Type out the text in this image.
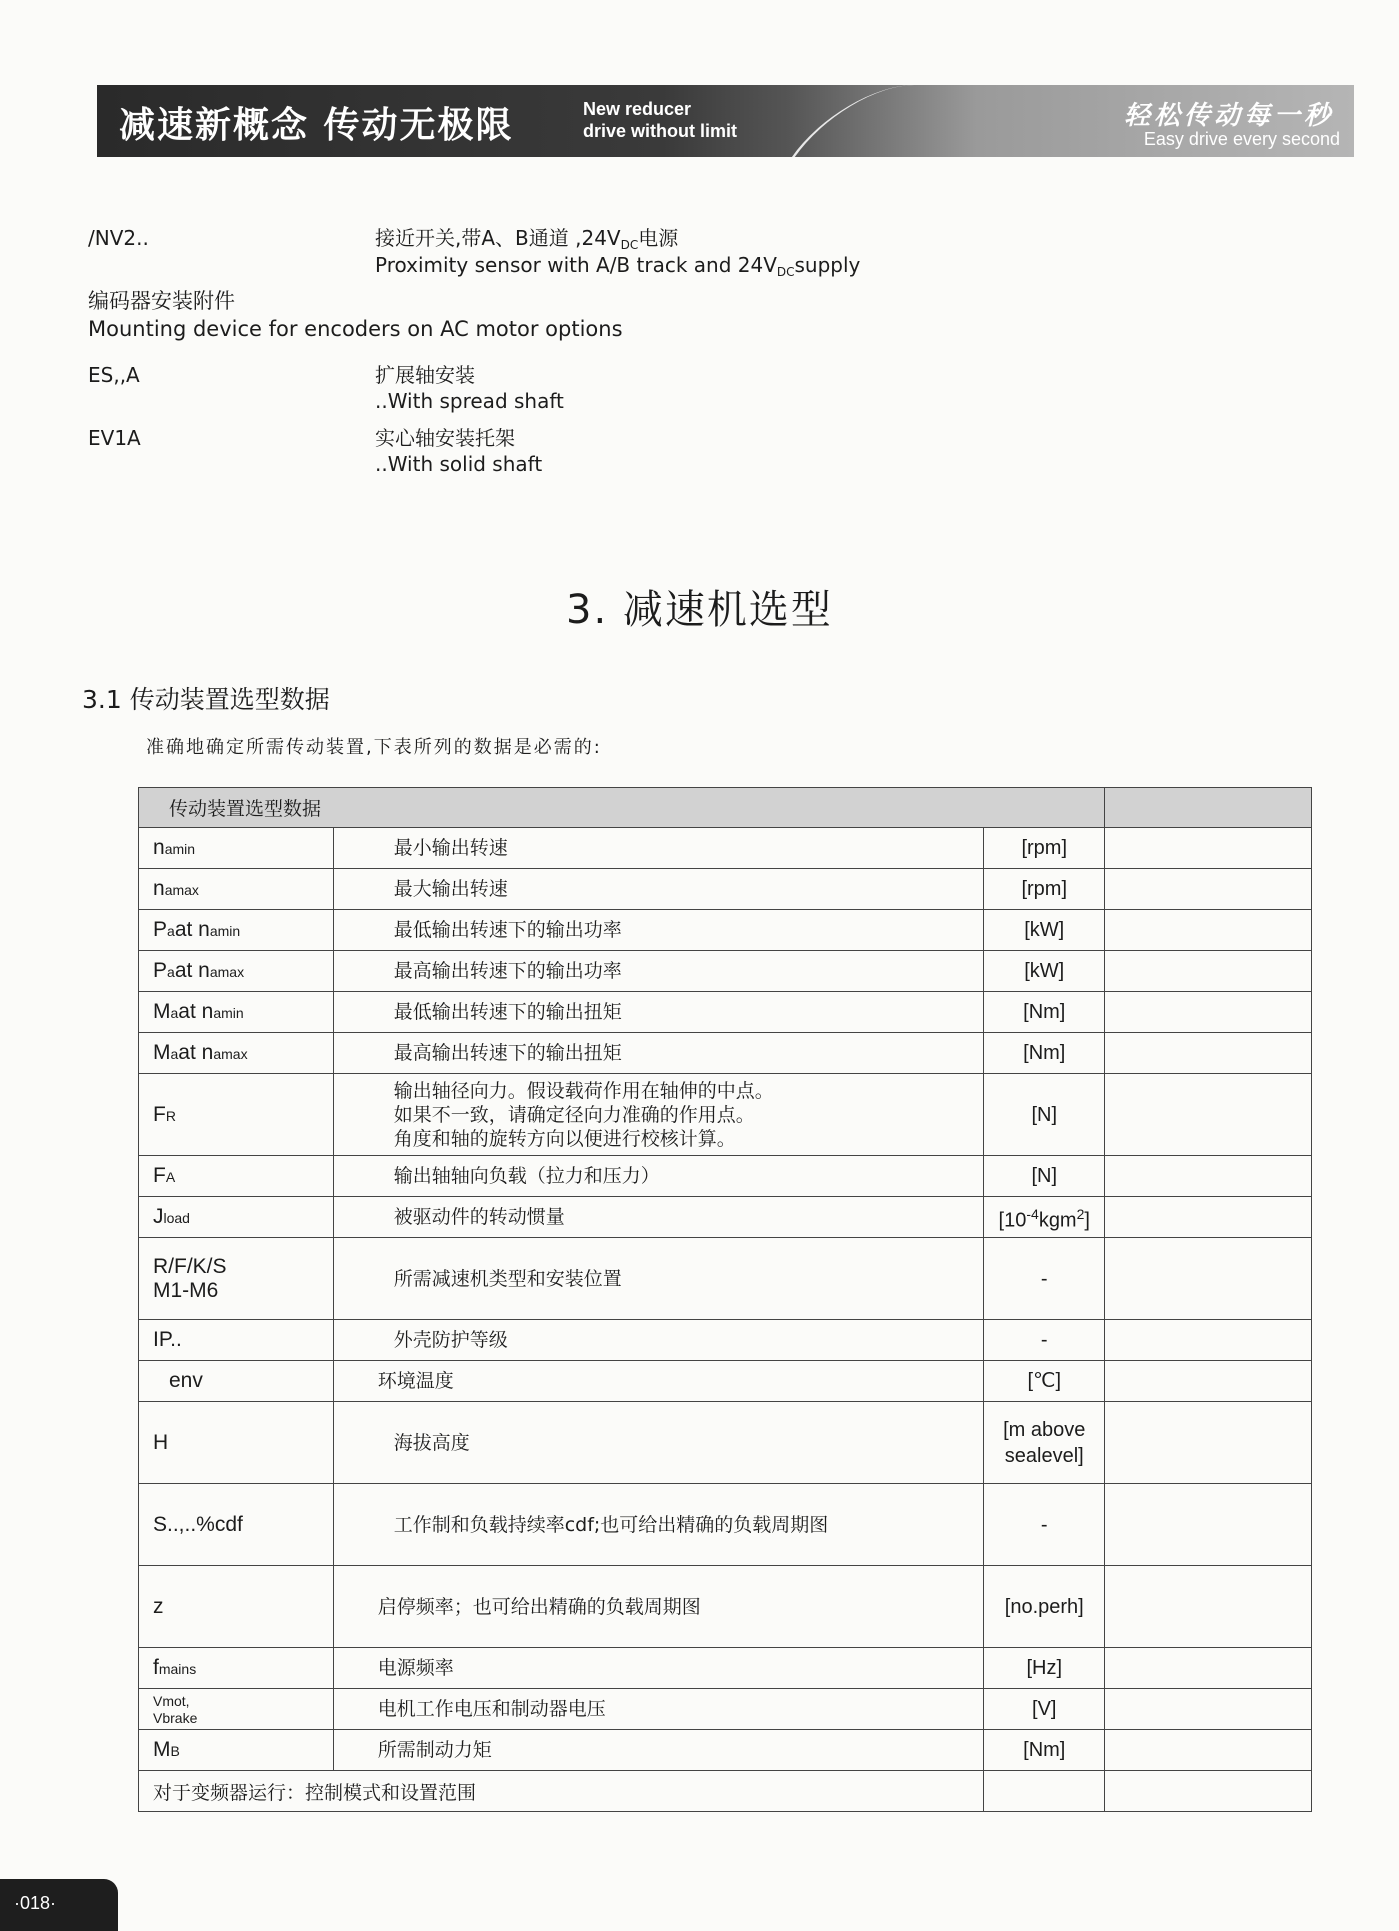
减速新概念 传动无极限	New reducer
drive without limit	轻松传动每一秒
Easy drive every second
/NV2..	接近开关,带A、B通道 $,24V_{DC}$电源
Proximity sensor with A/B track and $24V_{DC}supply$
编码器安装附件
Mounting device for encoders on AC motor options
ES,,A	扩展轴安装
..With spread shaft
EV1A	实心轴安装托架
..With solid shaft
3. 减速机选型
3.1 传动装置选型数据
准确地确定所需传动装置,下表所列的数据是必需的:
传动装置选型数据			
namin	最小输出转速	[rpm]	
namax	最大输出转速	[rpm]	
Paat namin	最低输出转速下的输出功率	[kW]	
Paat namax	最高输出转速下的输出功率	[kW]	
Maat namin	最低输出转速下的输出扭矩	[Nm]	
Maat namax	最高输出转速下的输出扭矩	[Nm]	
FR	输出轴径向力。假设载荷作用在轴伸的中点。
如果不一致，请确定径向力准确的作用点。
角度和轴的旋转方向以便进行校核计算。	[N]	
FA	输出轴轴向负载（拉力和压力）	[N]	
Jload	被驱动件的转动惯量	$[10^{-4}kgm^2]$	

R/F/K/S
M1-M6	所需减速机类型和安装位置	-	
IP..	外壳防护等级	-	
env	环境温度	[℃]	
H	海拔高度	[m above sealevel]	
S..,..%cdf	工作制和负载持续率cdf;也可给出精确的负载周期图	-	
z	启停频率；也可给出精确的负载周期图	[no.perh]	
fmains	电源频率	[Hz]	

Vmot,
Vbrake	电机工作电压和制动器电压	[V]	
MB	所需制动力矩	[Nm]	
对于变频器运行：控制模式和设置范围			
·018·
